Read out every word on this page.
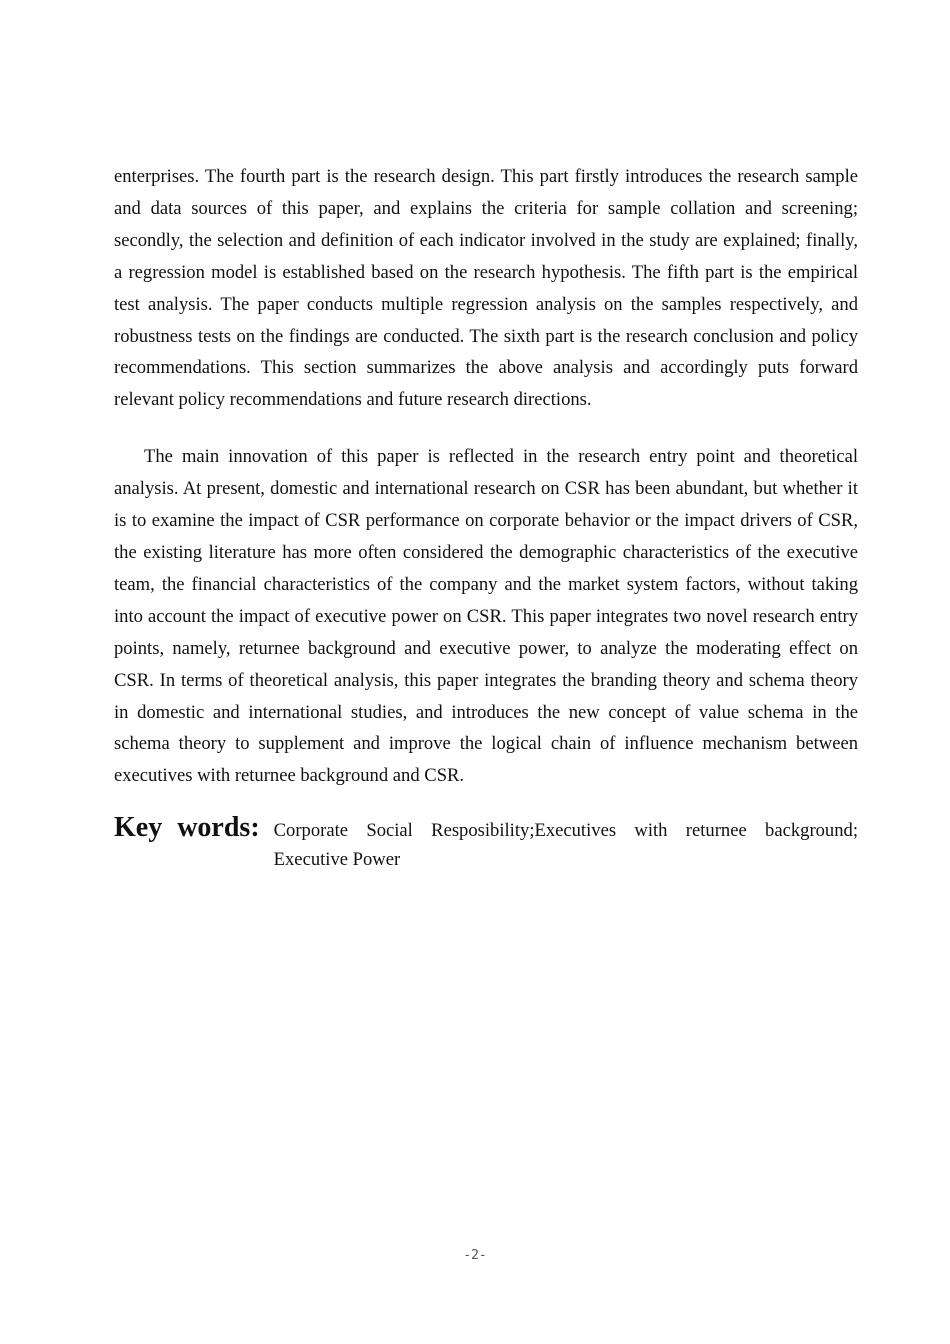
enterprises. The fourth part is the research design. This part firstly introduces the research sample and data sources of this paper, and explains the criteria for sample collation and screening; secondly, the selection and definition of each indicator involved in the study are explained; finally, a regression model is established based on the research hypothesis. The fifth part is the empirical test analysis. The paper conducts multiple regression analysis on the samples respectively, and robustness tests on the findings are conducted. The sixth part is the research conclusion and policy recommendations. This section summarizes the above analysis and accordingly puts forward relevant policy recommendations and future research directions.

The main innovation of this paper is reflected in the research entry point and theoretical analysis. At present, domestic and international research on CSR has been abundant, but whether it is to examine the impact of CSR performance on corporate behavior or the impact drivers of CSR, the existing literature has more often considered the demographic characteristics of the executive team, the financial characteristics of the company and the market system factors, without taking into account the impact of executive power on CSR. This paper integrates two novel research entry points, namely, returnee background and executive power, to analyze the moderating effect on CSR. In terms of theoretical analysis, this paper integrates the branding theory and schema theory in domestic and international studies, and introduces the new concept of value schema in the schema theory to supplement and improve the logical chain of influence mechanism between executives with returnee background and CSR.

Key words: Corporate Social Resposibility;Executives with returnee background; Executive Power
-2-
